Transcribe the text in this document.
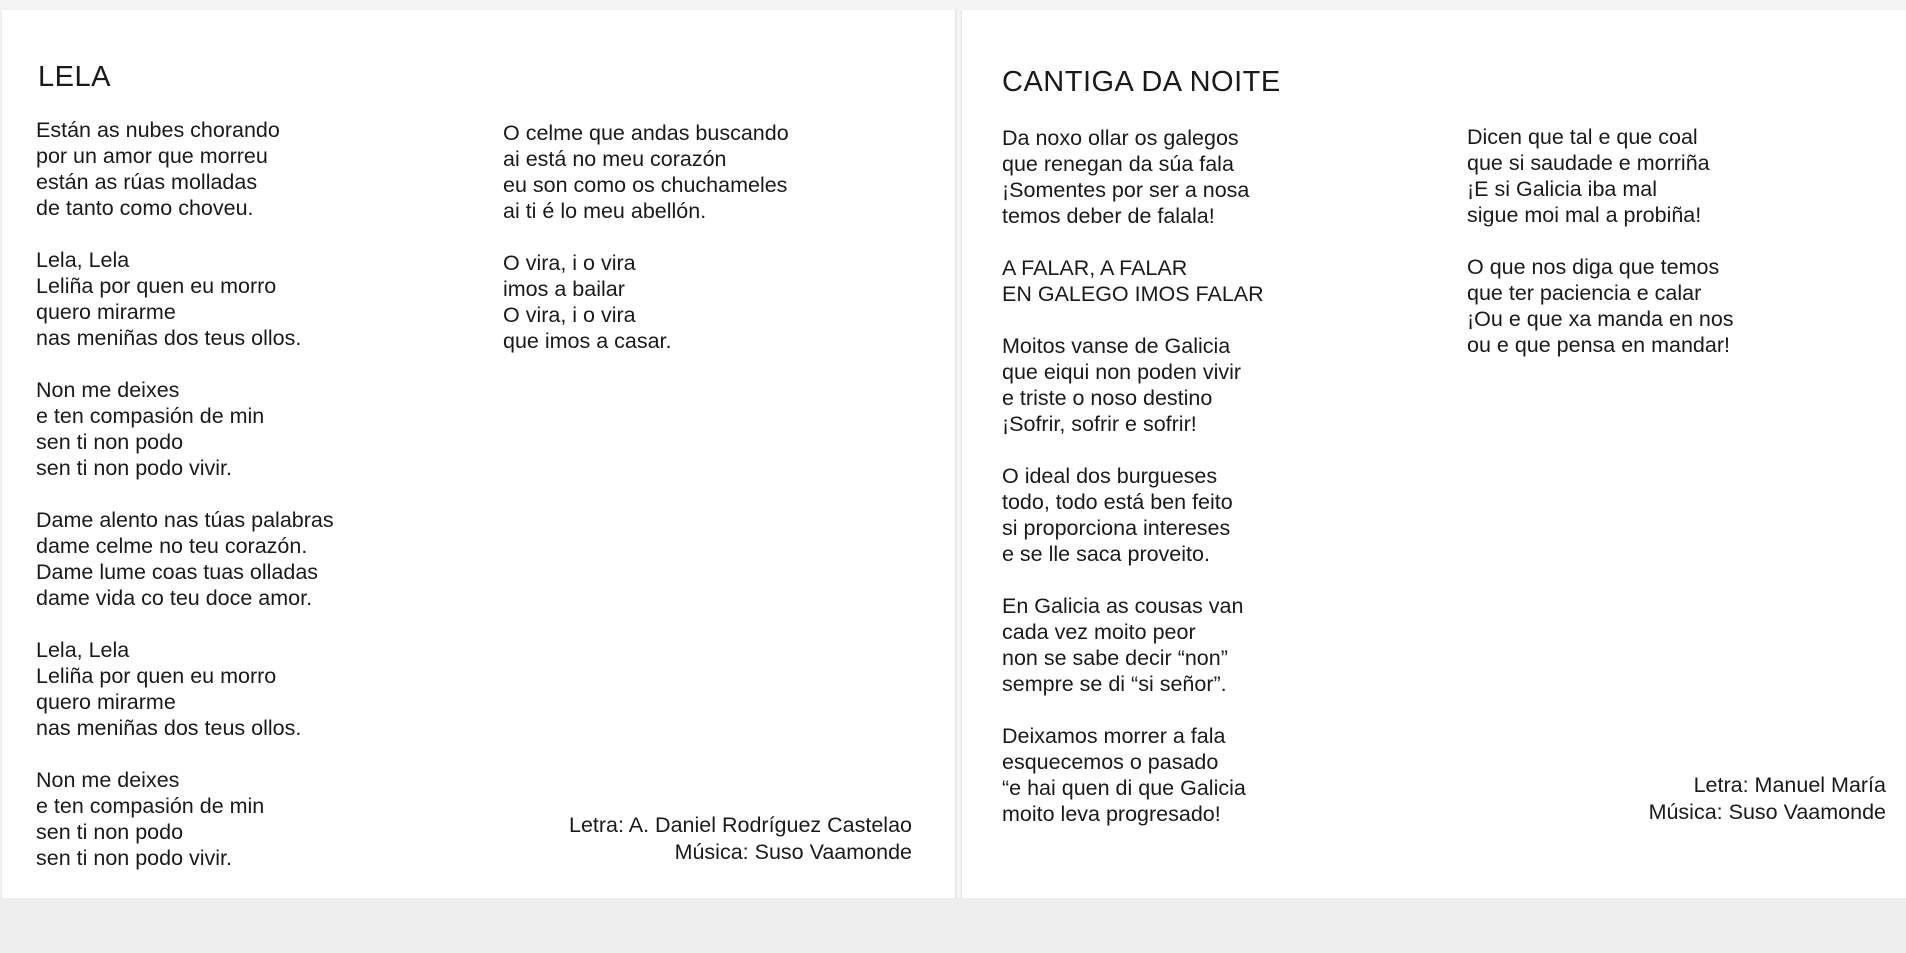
LELA
Están as nubes chorando
por un amor que morreu
están as rúas molladas
de tanto como choveu.
Lela, Lela
Leliña por quen eu morro
quero mirarme
nas meniñas dos teus ollos.
Non me deixes
e ten compasión de min
sen ti non podo
sen ti non podo vivir.
Dame alento nas túas palabras
dame celme no teu corazón.
Dame lume coas tuas olladas
dame vida co teu doce amor.
Lela, Lela
Leliña por quen eu morro
quero mirarme
nas meniñas dos teus ollos.
Non me deixes
e ten compasión de min
sen ti non podo
sen ti non podo vivir.
O celme que andas buscando
ai está no meu corazón
eu son como os chuchameles
ai ti é lo meu abellón.
O vira, i o vira
imos a bailar
O vira, i o vira
que imos a casar.
Letra: A. Daniel Rodríguez Castelao
Música: Suso Vaamonde
CANTIGA DA NOITE
Da noxo ollar os galegos
que renegan da súa fala
¡Somentes por ser a nosa
temos deber de falala!
A FALAR, A FALAR
EN GALEGO IMOS FALAR
Moitos vanse de Galicia
que eiqui non poden vivir
e triste o noso destino
¡Sofrir, sofrir e sofrir!
O ideal dos burgueses
todo, todo está ben feito
si proporciona intereses
e se lle saca proveito.
En Galicia as cousas van
cada vez moito peor
non se sabe decir “non”
sempre se di “si señor”.
Deixamos morrer a fala
esquecemos o pasado
“e hai quen di que Galicia
moito leva progresado!
Dicen que tal e que coal
que si saudade e morriña
¡E si Galicia iba mal
sigue moi mal a probiña!
O que nos diga que temos
que ter paciencia e calar
¡Ou e que xa manda en nos
ou e que pensa en mandar!
Letra: Manuel María
Música: Suso Vaamonde
